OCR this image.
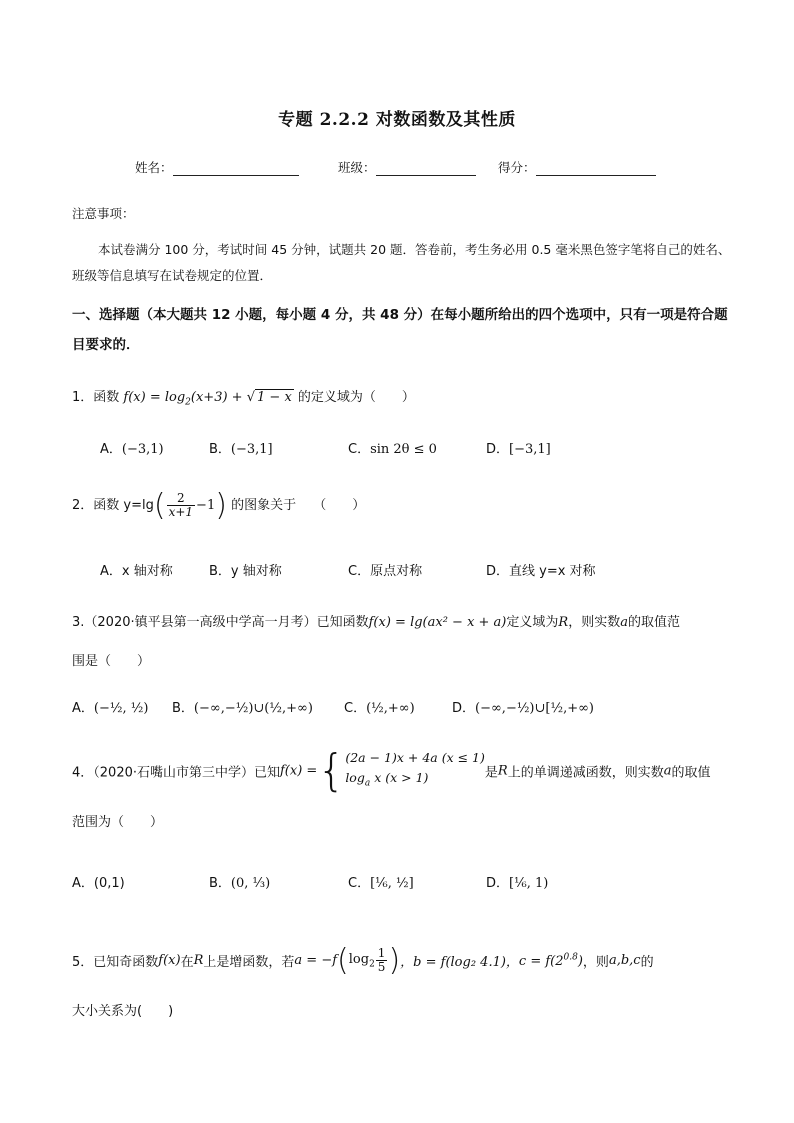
专题 2.2.2 对数函数及其性质
姓名：	班级：	得分：
注意事项：
本试卷满分 100 分，考试时间 45 分钟，试题共 20 题．答卷前，考生务必用 0.5 毫米黑色签字笔将自己的姓名、班级等信息填写在试卷规定的位置．
一、选择题（本大题共 12 小题，每小题 4 分，共 48 分）在每小题所给出的四个选项中，只有一项是符合题目要求的．
1．函数 $f(x) = \log_2(x+3)$ + √ 1 − x 的定义域为（　　）
A．(−3,1)	B．(−3,1]	C．sin 2θ ≤ 0	D．[−3,1]
2．函数 $y=\lg( \frac{2}{x+1} -1)$ 的图象关于　 （　　）
A．x 轴对称	B．y 轴对称	C．原点对称	D．直线 y=x 对称
3.（2020·镇平县第一高级中学高一月考）已知函数f(x) = lg(ax² − x + a)定义域为R，则实数a的取值范
围是（　　）
A．(−½, ½) B．(−∞,−½)∪(½,+∞) C．(½,+∞)	D．(−∞,−½)∪[½,+∞)
4．（2020·石嘴山市第三中学）已知f(x) ={ (2a − 1)x + 4a (x ≤ 1)
$\log_a x$ (x > 1)	是R上的单调递减函数，则实数a的取值
范围为（　　）
A．(0,1)	B．(0, ⅓)	C．[⅙, ½]	D．[⅙, 1)
5．已知奇函数f(x)在R上是增函数，若$a = -f(\log_2 \frac{1}{5}$ )，b = f(log₂ 4.1)，$c = f(2^{0.8})$，则a,b,c的
大小关系为(　　)
